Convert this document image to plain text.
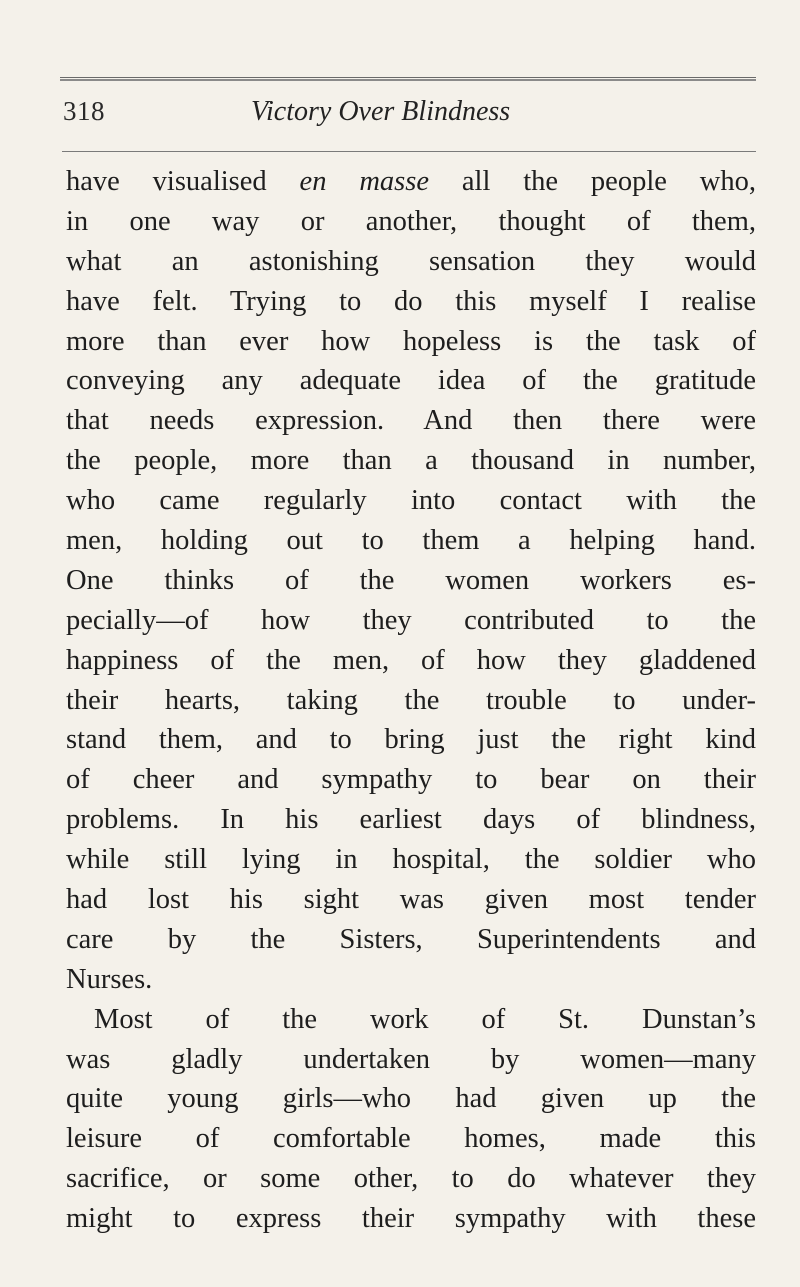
318	Victory Over Blindness
have visualised en masse all the people who,
in one way or another, thought of them,
what an astonishing sensation they would
have felt. Trying to do this myself I realise
more than ever how hopeless is the task of
conveying any adequate idea of the gratitude
that needs expression. And then there were
the people, more than a thousand in number,
who came regularly into contact with the
men, holding out to them a helping hand.
One thinks of the women workers es-
pecially—of how they contributed to the
happiness of the men, of how they gladdened
their hearts, taking the trouble to under-
stand them, and to bring just the right kind
of cheer and sympathy to bear on their
problems. In his earliest days of blindness,
while still lying in hospital, the soldier who
had lost his sight was given most tender
care by the Sisters, Superintendents and
Nurses.
Most of the work of St. Dunstan’s
was gladly undertaken by women—many
quite young girls—who had given up the
leisure of comfortable homes, made this
sacrifice, or some other, to do whatever they
might to express their sympathy with these
